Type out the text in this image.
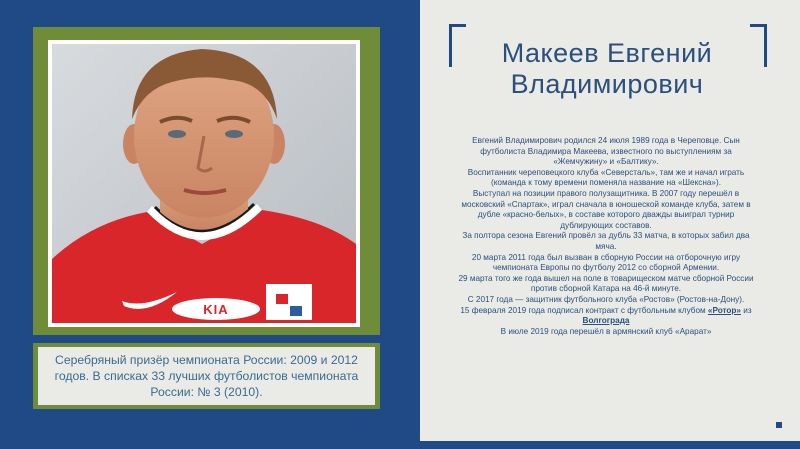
KIA
Серебряный призёр чемпионата России: 2009 и 2012 годов. В списках 33 лучших футболистов чемпионата России: № 3 (2010).
Макеев Евгений Владимирович

Евгений Владимирович родился 24 июля 1989 года в Череповце. Сын футболиста Владимира Макеева, известного по выступлениям за «Жемчужину» и «Балтику».

Воспитанник череповецкого клуба «Северсталь», там же и начал играть (команда к тому времени поменяла название на «Шексна»).

Выступал на позиции правого полузащитника. В 2007 году перешёл в московский «Спартак», играл сначала в юношеской команде клуба, затем в дубле «красно-белых», в составе которого дважды выиграл турнир дублирующих составов.

За полтора сезона Евгений провёл за дубль 33 матча, в которых забил два мяча.

20 марта 2011 года был вызван в сборную России на отборочную игру чемпионата Европы по футболу 2012 со сборной Армении.

29 марта того же года вышел на поле в товарищеском матче сборной России против сборной Катара на 46-й минуте.

С 2017 года — защитник футбольного клуба «Ростов» (Ростов-на-Дону).

15 февраля 2019 года подписал контракт с футбольным клубом «Ротор» из Волгограда

В июле 2019 года перешёл в армянский клуб «Арарат»
